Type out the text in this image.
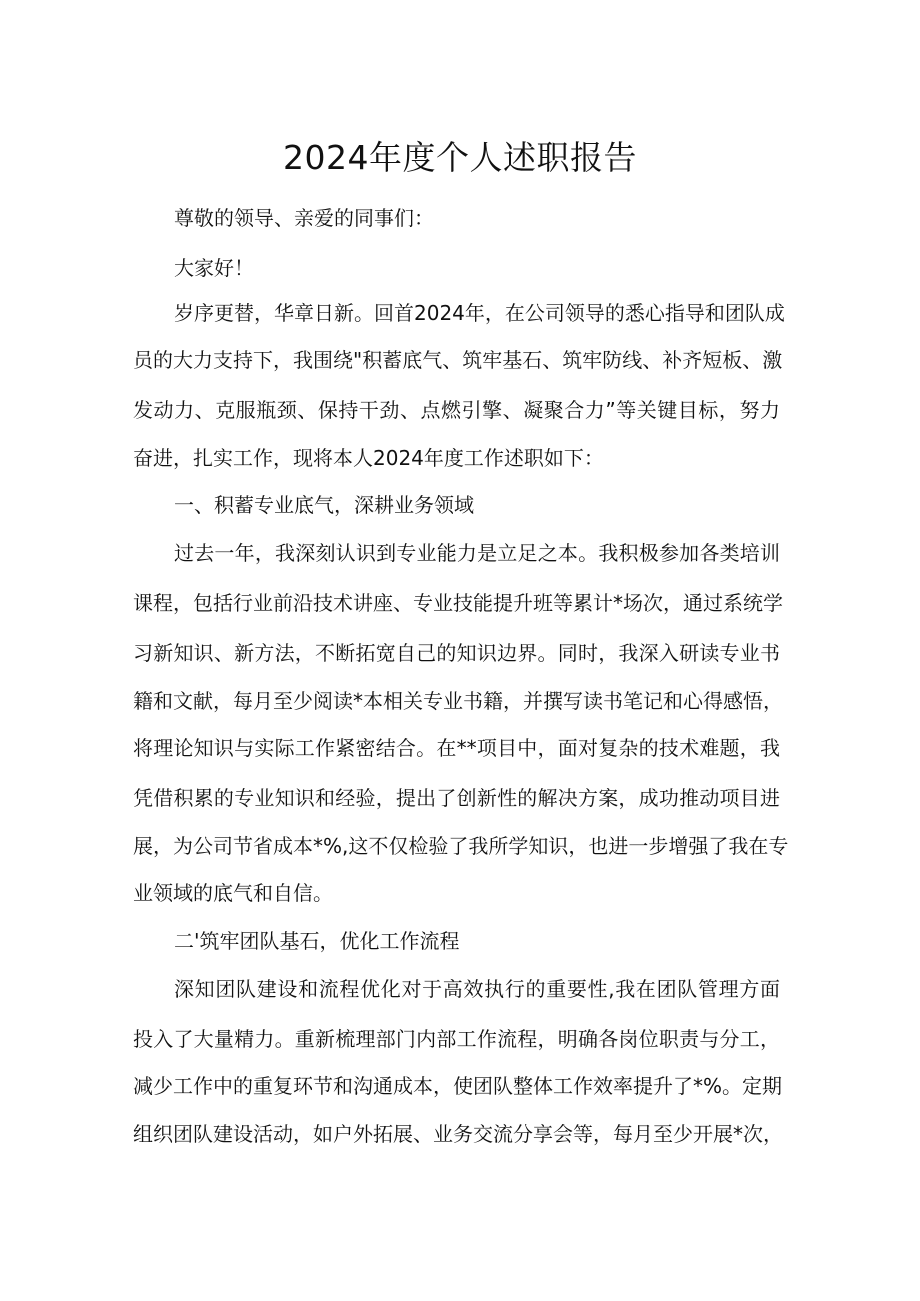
2024年度个人述职报告

尊敬的领导、亲爱的同事们：

大家好！

岁序更替，华章日新。回首2024年，在公司领导的悉心指导和团队成

员的大力支持下，我围绕"积蓄底气、筑牢基石、筑牢防线、补齐短板、激

发动力、克服瓶颈、保持干劲、点燃引擎、凝聚合力”等关键目标，努力

奋进，扎实工作，现将本人2024年度工作述职如下：

一、积蓄专业底气，深耕业务领域

过去一年，我深刻认识到专业能力是立足之本。我积极参加各类培训

课程，包括行业前沿技术讲座、专业技能提升班等累计*场次，通过系统学

习新知识、新方法，不断拓宽自己的知识边界。同时，我深入研读专业书

籍和文献，每月至少阅读*本相关专业书籍，并撰写读书笔记和心得感悟，

将理论知识与实际工作紧密结合。在**项目中，面对复杂的技术难题，我

凭借积累的专业知识和经验，提出了创新性的解决方案，成功推动项目进

展，为公司节省成本*%,这不仅检验了我所学知识，也进一步增强了我在专

业领域的底气和自信。

二'筑牢团队基石，优化工作流程

深知团队建设和流程优化对于高效执行的重要性,我在团队管理方面

投入了大量精力。重新梳理部门内部工作流程，明确各岗位职责与分工，

减少工作中的重复环节和沟通成本，使团队整体工作效率提升了*%。定期

组织团队建设活动，如户外拓展、业务交流分享会等，每月至少开展*次，
